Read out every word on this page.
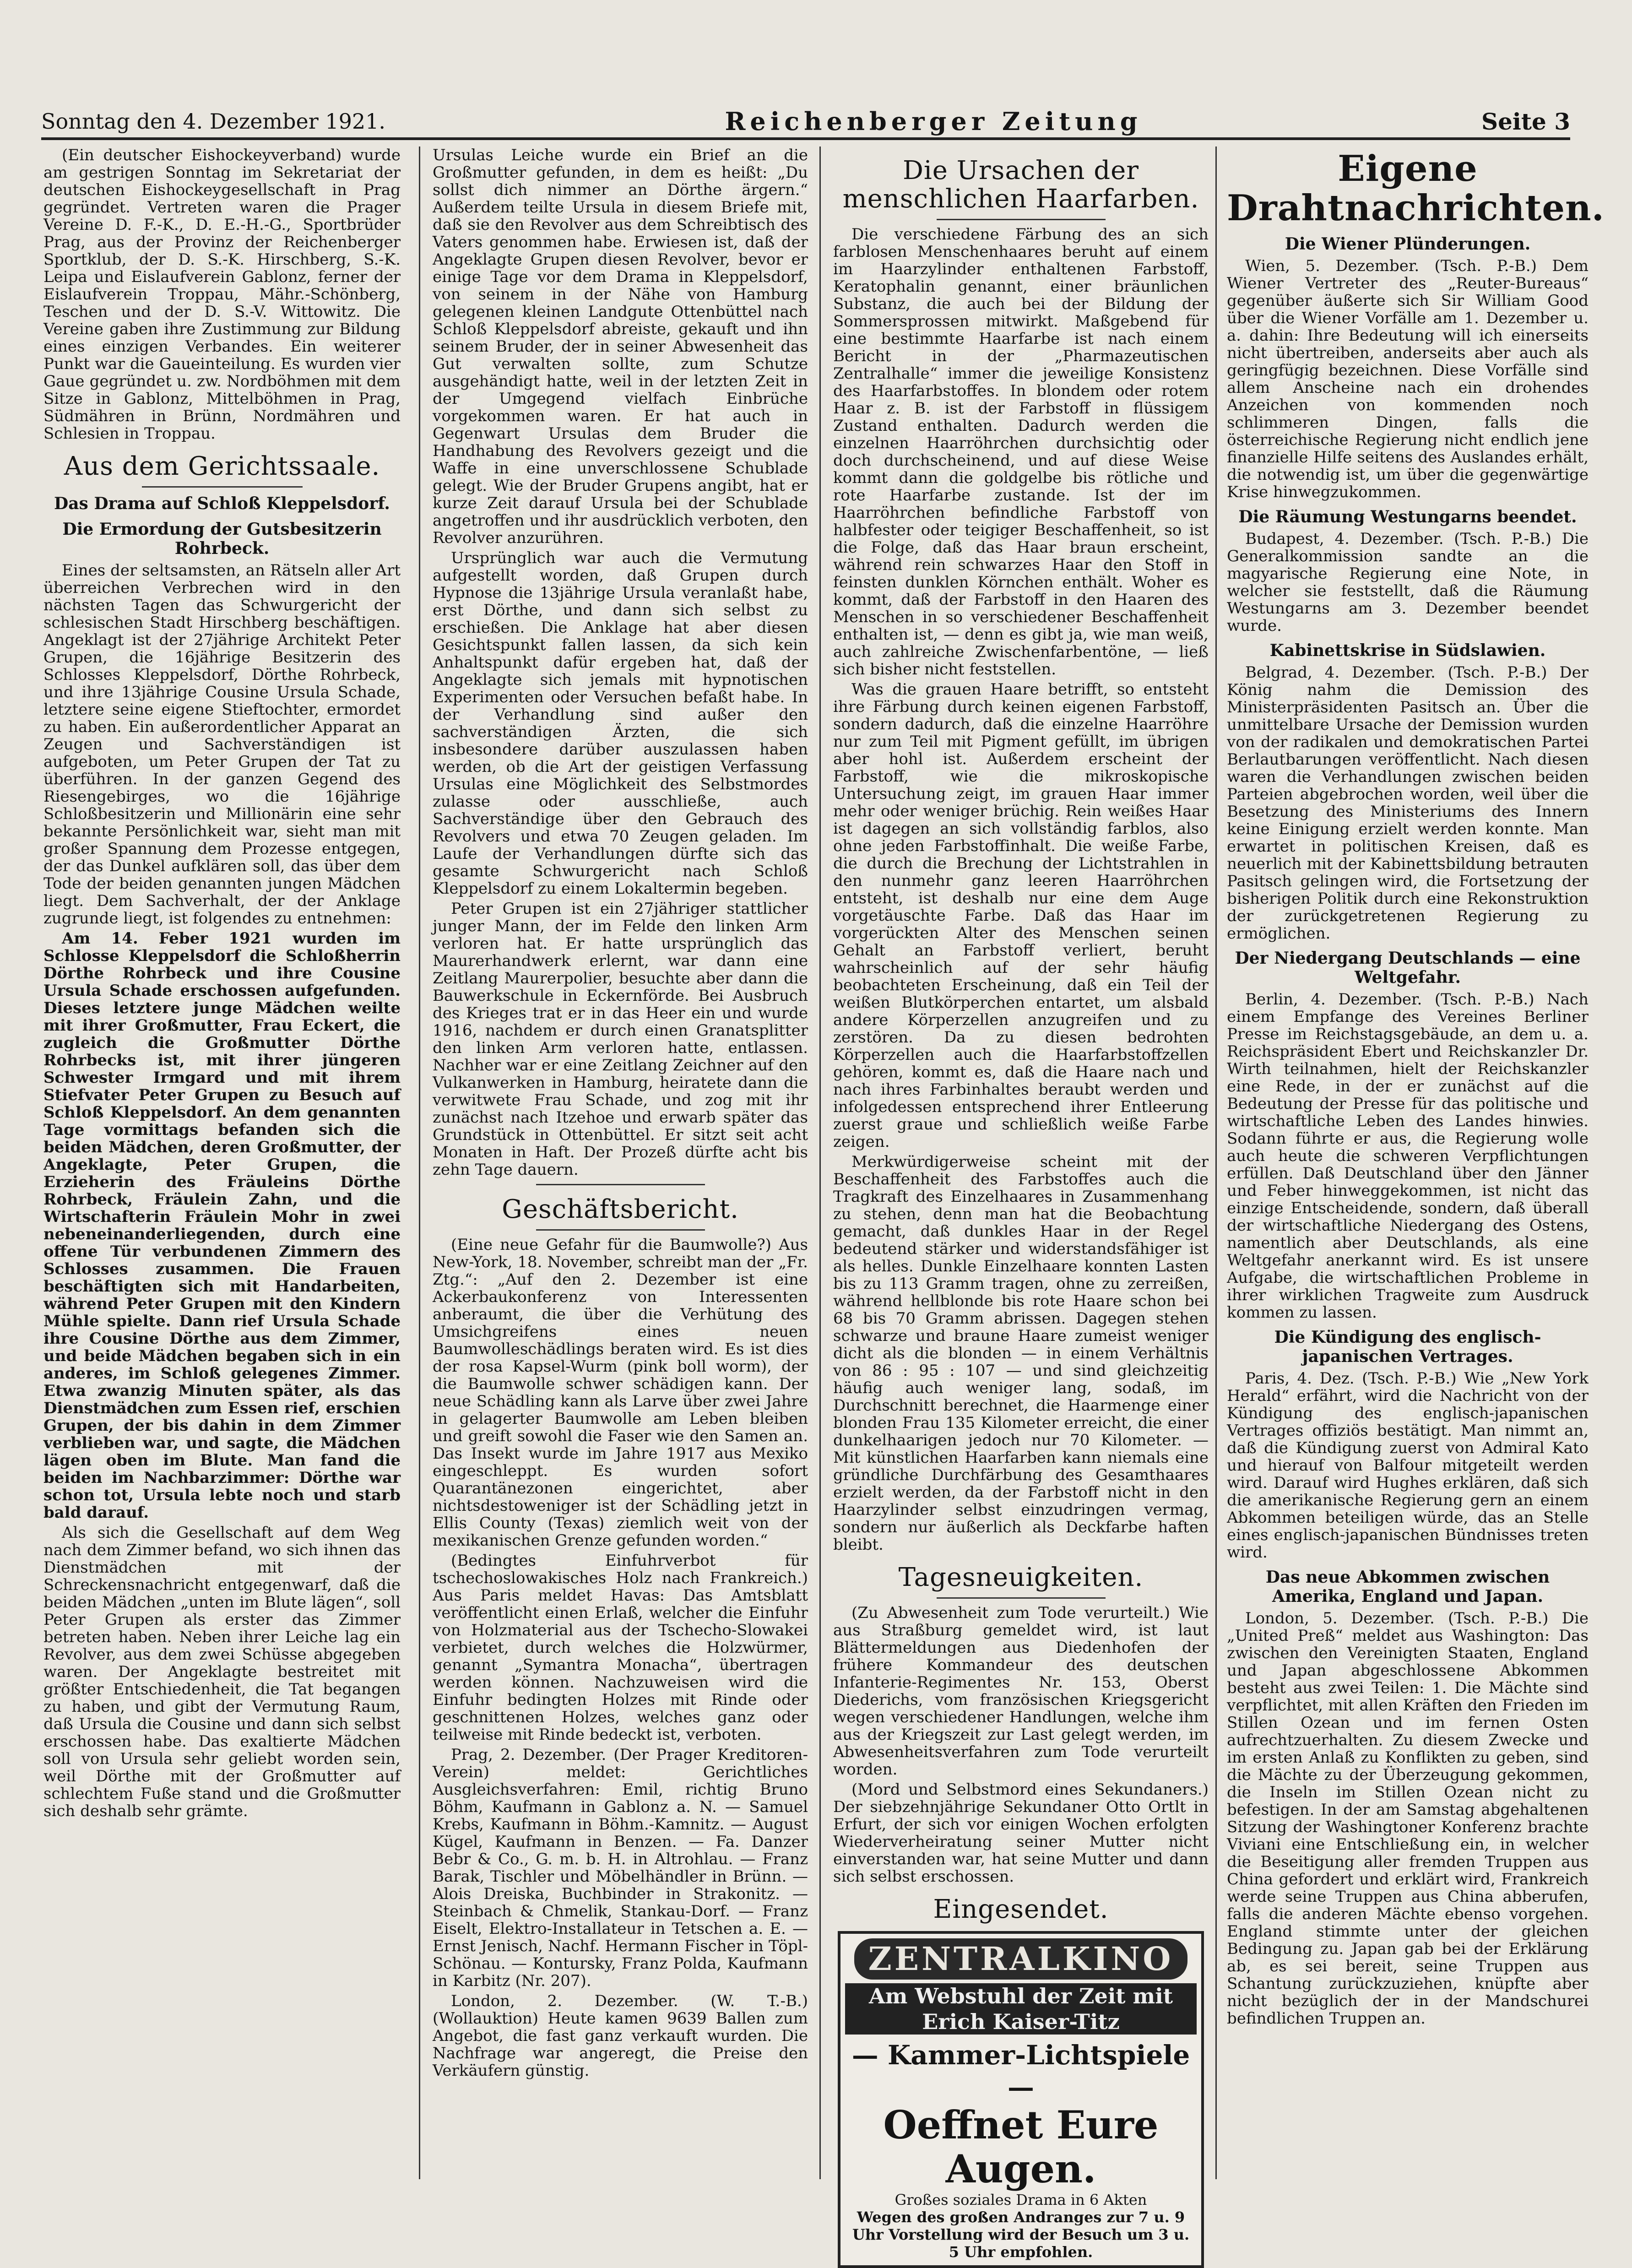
Sonntag den 4. Dezember 1921.	Reichenberger Zeitung	Seite 3

(Ein deutscher Eishockeyverband) wurde am gestrigen Sonntag im Sekretariat der deutschen Eishockeygesellschaft in Prag gegründet. Vertreten waren die Prager Vereine D. F.-K., D. E.-H.-G., Sportbrüder Prag, aus der Provinz der Reichenberger Sportklub, der D. S.-K. Hirschberg, S.-K. Leipa und Eislaufverein Gablonz, ferner der Eislaufverein Troppau, Mähr.-Schönberg, Teschen und der D. S.-V. Wittowitz. Die Vereine gaben ihre Zustimmung zur Bildung eines einzigen Verbandes. Ein weiterer Punkt war die Gaueinteilung. Es wurden vier Gaue gegründet u. zw. Nordböhmen mit dem Sitze in Gablonz, Mittelböhmen in Prag, Südmähren in Brünn, Nordmähren und Schlesien in Troppau.

Aus dem Gerichtssaale.
Das Drama auf Schloß Kleppelsdorf.
Die Ermordung der Gutsbesitzerin Rohrbeck.

Eines der seltsamsten, an Rätseln aller Art überreichen Verbrechen wird in den nächsten Tagen das Schwurgericht der schlesischen Stadt Hirschberg beschäftigen. Angeklagt ist der 27jährige Architekt Peter Grupen, die 16jährige Besitzerin des Schlosses Kleppelsdorf, Dörthe Rohrbeck, und ihre 13jährige Cousine Ursula Schade, letztere seine eigene Stieftochter, ermordet zu haben. Ein außerordentlicher Apparat an Zeugen und Sachverständigen ist aufgeboten, um Peter Grupen der Tat zu überführen. In der ganzen Gegend des Riesengebirges, wo die 16jährige Schloßbesitzerin und Millionärin eine sehr bekannte Persönlichkeit war, sieht man mit großer Spannung dem Prozesse entgegen, der das Dunkel aufklären soll, das über dem Tode der beiden genannten jungen Mädchen liegt. Dem Sachverhalt, der der Anklage zugrunde liegt, ist folgendes zu entnehmen:

Am 14. Feber 1921 wurden im Schlosse Kleppelsdorf die Schloßherrin Dörthe Rohrbeck und ihre Cousine Ursula Schade erschossen aufgefunden. Dieses letztere junge Mädchen weilte mit ihrer Großmutter, Frau Eckert, die zugleich die Großmutter Dörthe Rohrbecks ist, mit ihrer jüngeren Schwester Irmgard und mit ihrem Stiefvater Peter Grupen zu Besuch auf Schloß Kleppelsdorf. An dem genannten Tage vormittags befanden sich die beiden Mädchen, deren Großmutter, der Angeklagte, Peter Grupen, die Erzieherin des Fräuleins Dörthe Rohrbeck, Fräulein Zahn, und die Wirtschafterin Fräulein Mohr in zwei nebeneinanderliegenden, durch eine offene Tür verbundenen Zimmern des Schlosses zusammen. Die Frauen beschäftigten sich mit Handarbeiten, während Peter Grupen mit den Kindern Mühle spielte. Dann rief Ursula Schade ihre Cousine Dörthe aus dem Zimmer, und beide Mädchen begaben sich in ein anderes, im Schloß gelegenes Zimmer. Etwa zwanzig Minuten später, als das Dienstmädchen zum Essen rief, erschien Grupen, der bis dahin in dem Zimmer verblieben war, und sagte, die Mädchen lägen oben im Blute. Man fand die beiden im Nachbarzimmer: Dörthe war schon tot, Ursula lebte noch und starb bald darauf.

Als sich die Gesellschaft auf dem Weg nach dem Zimmer befand, wo sich ihnen das Dienstmädchen mit der Schreckensnachricht entgegenwarf, daß die beiden Mädchen „unten im Blute lägen“, soll Peter Grupen als erster das Zimmer betreten haben. Neben ihrer Leiche lag ein Revolver, aus dem zwei Schüsse abgegeben waren. Der Angeklagte bestreitet mit größter Entschiedenheit, die Tat begangen zu haben, und gibt der Vermutung Raum, daß Ursula die Cousine und dann sich selbst erschossen habe. Das exaltierte Mädchen soll von Ursula sehr geliebt worden sein, weil Dörthe mit der Großmutter auf schlechtem Fuße stand und die Großmutter sich deshalb sehr grämte.

Ursulas Leiche wurde ein Brief an die Großmutter gefunden, in dem es heißt: „Du sollst dich nimmer an Dörthe ärgern.“ Außerdem teilte Ursula in diesem Briefe mit, daß sie den Revolver aus dem Schreibtisch des Vaters genommen habe. Erwiesen ist, daß der Angeklagte Grupen diesen Revolver, bevor er einige Tage vor dem Drama in Kleppelsdorf, von seinem in der Nähe von Hamburg gelegenen kleinen Landgute Ottenbüttel nach Schloß Kleppelsdorf abreiste, gekauft und ihn seinem Bruder, der in seiner Abwesenheit das Gut verwalten sollte, zum Schutze ausgehändigt hatte, weil in der letzten Zeit in der Umgegend vielfach Einbrüche vorgekommen waren. Er hat auch in Gegenwart Ursulas dem Bruder die Handhabung des Revolvers gezeigt und die Waffe in eine unverschlossene Schublade gelegt. Wie der Bruder Grupens angibt, hat er kurze Zeit darauf Ursula bei der Schublade angetroffen und ihr ausdrücklich verboten, den Revolver anzurühren.

Ursprünglich war auch die Vermutung aufgestellt worden, daß Grupen durch Hypnose die 13jährige Ursula veranlaßt habe, erst Dörthe, und dann sich selbst zu erschießen. Die Anklage hat aber diesen Gesichtspunkt fallen lassen, da sich kein Anhaltspunkt dafür ergeben hat, daß der Angeklagte sich jemals mit hypnotischen Experimenten oder Versuchen befaßt habe. In der Verhandlung sind außer den sachverständigen Ärzten, die sich insbesondere darüber auszulassen haben werden, ob die Art der geistigen Verfassung Ursulas eine Möglichkeit des Selbstmordes zulasse oder ausschließe, auch Sachverständige über den Gebrauch des Revolvers und etwa 70 Zeugen geladen. Im Laufe der Verhandlungen dürfte sich das gesamte Schwurgericht nach Schloß Kleppelsdorf zu einem Lokaltermin begeben.

Peter Grupen ist ein 27jähriger stattlicher junger Mann, der im Felde den linken Arm verloren hat. Er hatte ursprünglich das Maurerhandwerk erlernt, war dann eine Zeitlang Maurerpolier, besuchte aber dann die Bauwerkschule in Eckernförde. Bei Ausbruch des Krieges trat er in das Heer ein und wurde 1916, nachdem er durch einen Granatsplitter den linken Arm verloren hatte, entlassen. Nachher war er eine Zeitlang Zeichner auf den Vulkanwerken in Hamburg, heiratete dann die verwitwete Frau Schade, und zog mit ihr zunächst nach Itzehoe und erwarb später das Grundstück in Ottenbüttel. Er sitzt seit acht Monaten in Haft. Der Prozeß dürfte acht bis zehn Tage dauern.

Geschäftsbericht.

(Eine neue Gefahr für die Baumwolle?) Aus New-York, 18. November, schreibt man der „Fr. Ztg.“: „Auf den 2. Dezember ist eine Ackerbaukonferenz von Interessenten anberaumt, die über die Verhütung des Umsichgreifens eines neuen Baumwolleschädlings beraten wird. Es ist dies der rosa Kapsel-Wurm (pink boll worm), der die Baumwolle schwer schädigen kann. Der neue Schädling kann als Larve über zwei Jahre in gelagerter Baumwolle am Leben bleiben und greift sowohl die Faser wie den Samen an. Das Insekt wurde im Jahre 1917 aus Mexiko eingeschleppt. Es wurden sofort Quarantänezonen eingerichtet, aber nichtsdestoweniger ist der Schädling jetzt in Ellis County (Texas) ziemlich weit von der mexikanischen Grenze gefunden worden.“

(Bedingtes Einfuhrverbot für tschechoslowakisches Holz nach Frankreich.) Aus Paris meldet Havas: Das Amtsblatt veröffentlicht einen Erlaß, welcher die Einfuhr von Holzmaterial aus der Tschecho-Slowakei verbietet, durch welches die Holzwürmer, genannt „Symantra Monacha“, übertragen werden können. Nachzuweisen wird die Einfuhr bedingten Holzes mit Rinde oder geschnittenen Holzes, welches ganz oder teilweise mit Rinde bedeckt ist, verboten.

Prag, 2. Dezember. (Der Prager Kreditoren-Verein) meldet: Gerichtliches Ausgleichsverfahren: Emil, richtig Bruno Böhm, Kaufmann in Gablonz a. N. — Samuel Krebs, Kaufmann in Böhm.-Kamnitz. — August Kügel, Kaufmann in Benzen. — Fa. Danzer Bebr & Co., G. m. b. H. in Altrohlau. — Franz Barak, Tischler und Möbelhändler in Brünn. — Alois Dreiska, Buchbinder in Strakonitz. — Steinbach & Chmelik, Stankau-Dorf. — Franz Eiselt, Elektro-Installateur in Tetschen a. E. — Ernst Jenisch, Nachf. Hermann Fischer in Töpl-Schönau. — Kontursky, Franz Polda, Kaufmann in Karbitz (Nr. 207).

London, 2. Dezember. (W. T.-B.) (Wollauktion) Heute kamen 9639 Ballen zum Angebot, die fast ganz verkauft wurden. Die Nachfrage war angeregt, die Preise den Verkäufern günstig.

Die Ursachen der menschlichen Haarfarben.

Die verschiedene Färbung des an sich farblosen Menschenhaares beruht auf einem im Haarzylinder enthaltenen Farbstoff, Keratophalin genannt, einer bräunlichen Substanz, die auch bei der Bildung der Sommersprossen mitwirkt. Maßgebend für eine bestimmte Haarfarbe ist nach einem Bericht in der „Pharmazeutischen Zentralhalle“ immer die jeweilige Konsistenz des Haarfarbstoffes. In blondem oder rotem Haar z. B. ist der Farbstoff in flüssigem Zustand enthalten. Dadurch werden die einzelnen Haarröhrchen durchsichtig oder doch durchscheinend, und auf diese Weise kommt dann die goldgelbe bis rötliche und rote Haarfarbe zustande. Ist der im Haarröhrchen befindliche Farbstoff von halbfester oder teigiger Beschaffenheit, so ist die Folge, daß das Haar braun erscheint, während rein schwarzes Haar den Stoff in feinsten dunklen Körnchen enthält. Woher es kommt, daß der Farbstoff in den Haaren des Menschen in so verschiedener Beschaffenheit enthalten ist, — denn es gibt ja, wie man weiß, auch zahlreiche Zwischenfarbentöne, — ließ sich bisher nicht feststellen.

Was die grauen Haare betrifft, so entsteht ihre Färbung durch keinen eigenen Farbstoff, sondern dadurch, daß die einzelne Haarröhre nur zum Teil mit Pigment gefüllt, im übrigen aber hohl ist. Außerdem erscheint der Farbstoff, wie die mikroskopische Untersuchung zeigt, im grauen Haar immer mehr oder weniger brüchig. Rein weißes Haar ist dagegen an sich vollständig farblos, also ohne jeden Farbstoffinhalt. Die weiße Farbe, die durch die Brechung der Lichtstrahlen in den nunmehr ganz leeren Haarröhrchen entsteht, ist deshalb nur eine dem Auge vorgetäuschte Farbe. Daß das Haar im vorgerückten Alter des Menschen seinen Gehalt an Farbstoff verliert, beruht wahrscheinlich auf der sehr häufig beobachteten Erscheinung, daß ein Teil der weißen Blutkörperchen entartet, um alsbald andere Körperzellen anzugreifen und zu zerstören. Da zu diesen bedrohten Körperzellen auch die Haarfarbstoffzellen gehören, kommt es, daß die Haare nach und nach ihres Farbinhaltes beraubt werden und infolgedessen entsprechend ihrer Entleerung zuerst graue und schließlich weiße Farbe zeigen.

Merkwürdigerweise scheint mit der Beschaffenheit des Farbstoffes auch die Tragkraft des Einzelhaares in Zusammenhang zu stehen, denn man hat die Beobachtung gemacht, daß dunkles Haar in der Regel bedeutend stärker und widerstandsfähiger ist als helles. Dunkle Einzelhaare konnten Lasten bis zu 113 Gramm tragen, ohne zu zerreißen, während hellblonde bis rote Haare schon bei 68 bis 70 Gramm abrissen. Dagegen stehen schwarze und braune Haare zumeist weniger dicht als die blonden — in einem Verhältnis von 86 : 95 : 107 — und sind gleichzeitig häufig auch weniger lang, sodaß, im Durchschnitt berechnet, die Haarmenge einer blonden Frau 135 Kilometer erreicht, die einer dunkelhaarigen jedoch nur 70 Kilometer. — Mit künstlichen Haarfarben kann niemals eine gründliche Durchfärbung des Gesamthaares erzielt werden, da der Farbstoff nicht in den Haarzylinder selbst einzudringen vermag, sondern nur äußerlich als Deckfarbe haften bleibt.

Tagesneuigkeiten.

(Zu Abwesenheit zum Tode verurteilt.) Wie aus Straßburg gemeldet wird, ist laut Blättermeldungen aus Diedenhofen der frühere Kommandeur des deutschen Infanterie-Regimentes Nr. 153, Oberst Diederichs, vom französischen Kriegsgericht wegen verschiedener Handlungen, welche ihm aus der Kriegszeit zur Last gelegt werden, im Abwesenheitsverfahren zum Tode verurteilt worden.

(Mord und Selbstmord eines Sekundaners.) Der siebzehnjährige Sekundaner Otto Ortlt in Erfurt, der sich vor einigen Wochen erfolgten Wiederverheiratung seiner Mutter nicht einverstanden war, hat seine Mutter und dann sich selbst erschossen.

Eingesendet.
ZENTRALKINO
Am Webstuhl der Zeit mit Erich Kaiser-Titz
— Kammer-Lichtspiele —
Oeffnet Eure Augen.
Großes soziales Drama in 6 Akten
Wegen des großen Andranges zur 7 u. 9 Uhr Vorstellung wird der Besuch um 3 u. 5 Uhr empfohlen.
Eigene Drahtnachrichten.
Die Wiener Plünderungen.

Wien, 5. Dezember. (Tsch. P.-B.) Dem Wiener Vertreter des „Reuter-Bureaus“ gegenüber äußerte sich Sir William Good über die Wiener Vorfälle am 1. Dezember u. a. dahin: Ihre Bedeutung will ich einerseits nicht übertreiben, anderseits aber auch als geringfügig bezeichnen. Diese Vorfälle sind allem Anscheine nach ein drohendes Anzeichen von kommenden noch schlimmeren Dingen, falls die österreichische Regierung nicht endlich jene finanzielle Hilfe seitens des Auslandes erhält, die notwendig ist, um über die gegenwärtige Krise hinwegzukommen.

Die Räumung Westungarns beendet.

Budapest, 4. Dezember. (Tsch. P.-B.) Die Generalkommission sandte an die magyarische Regierung eine Note, in welcher sie feststellt, daß die Räumung Westungarns am 3. Dezember beendet wurde.

Kabinettskrise in Südslawien.

Belgrad, 4. Dezember. (Tsch. P.-B.) Der König nahm die Demission des Ministerpräsidenten Pasitsch an. Über die unmittelbare Ursache der Demission wurden von der radikalen und demokratischen Partei Berlautbarungen veröffentlicht. Nach diesen waren die Verhandlungen zwischen beiden Parteien abgebrochen worden, weil über die Besetzung des Ministeriums des Innern keine Einigung erzielt werden konnte. Man erwartet in politischen Kreisen, daß es neuerlich mit der Kabinettsbildung betrauten Pasitsch gelingen wird, die Fortsetzung der bisherigen Politik durch eine Rekonstruktion der zurückgetretenen Regierung zu ermöglichen.

Der Niedergang Deutschlands — eine Weltgefahr.

Berlin, 4. Dezember. (Tsch. P.-B.) Nach einem Empfange des Vereines Berliner Presse im Reichstagsgebäude, an dem u. a. Reichspräsident Ebert und Reichskanzler Dr. Wirth teilnahmen, hielt der Reichskanzler eine Rede, in der er zunächst auf die Bedeutung der Presse für das politische und wirtschaftliche Leben des Landes hinwies. Sodann führte er aus, die Regierung wolle auch heute die schweren Verpflichtungen erfüllen. Daß Deutschland über den Jänner und Feber hinweggekommen, ist nicht das einzige Entscheidende, sondern, daß überall der wirtschaftliche Niedergang des Ostens, namentlich aber Deutschlands, als eine Weltgefahr anerkannt wird. Es ist unsere Aufgabe, die wirtschaftlichen Probleme in ihrer wirklichen Tragweite zum Ausdruck kommen zu lassen.

Die Kündigung des englisch-japanischen Vertrages.

Paris, 4. Dez. (Tsch. P.-B.) Wie „New York Herald“ erfährt, wird die Nachricht von der Kündigung des englisch-japanischen Vertrages offiziös bestätigt. Man nimmt an, daß die Kündigung zuerst von Admiral Kato und hierauf von Balfour mitgeteilt werden wird. Darauf wird Hughes erklären, daß sich die amerikanische Regierung gern an einem Abkommen beteiligen würde, das an Stelle eines englisch-japanischen Bündnisses treten wird.

Das neue Abkommen zwischen Amerika, England und Japan.

London, 5. Dezember. (Tsch. P.-B.) Die „United Preß“ meldet aus Washington: Das zwischen den Vereinigten Staaten, England und Japan abgeschlossene Abkommen besteht aus zwei Teilen: 1. Die Mächte sind verpflichtet, mit allen Kräften den Frieden im Stillen Ozean und im fernen Osten aufrechtzuerhalten. Zu diesem Zwecke und im ersten Anlaß zu Konflikten zu geben, sind die Mächte zu der Überzeugung gekommen, die Inseln im Stillen Ozean nicht zu befestigen. In der am Samstag abgehaltenen Sitzung der Washingtoner Konferenz brachte Viviani eine Entschließung ein, in welcher die Beseitigung aller fremden Truppen aus China gefordert und erklärt wird, Frankreich werde seine Truppen aus China abberufen, falls die anderen Mächte ebenso vorgehen. England stimmte unter der gleichen Bedingung zu. Japan gab bei der Erklärung ab, es sei bereit, seine Truppen aus Schantung zurückzuziehen, knüpfte aber nicht bezüglich der in der Mandschurei befindlichen Truppen an.
